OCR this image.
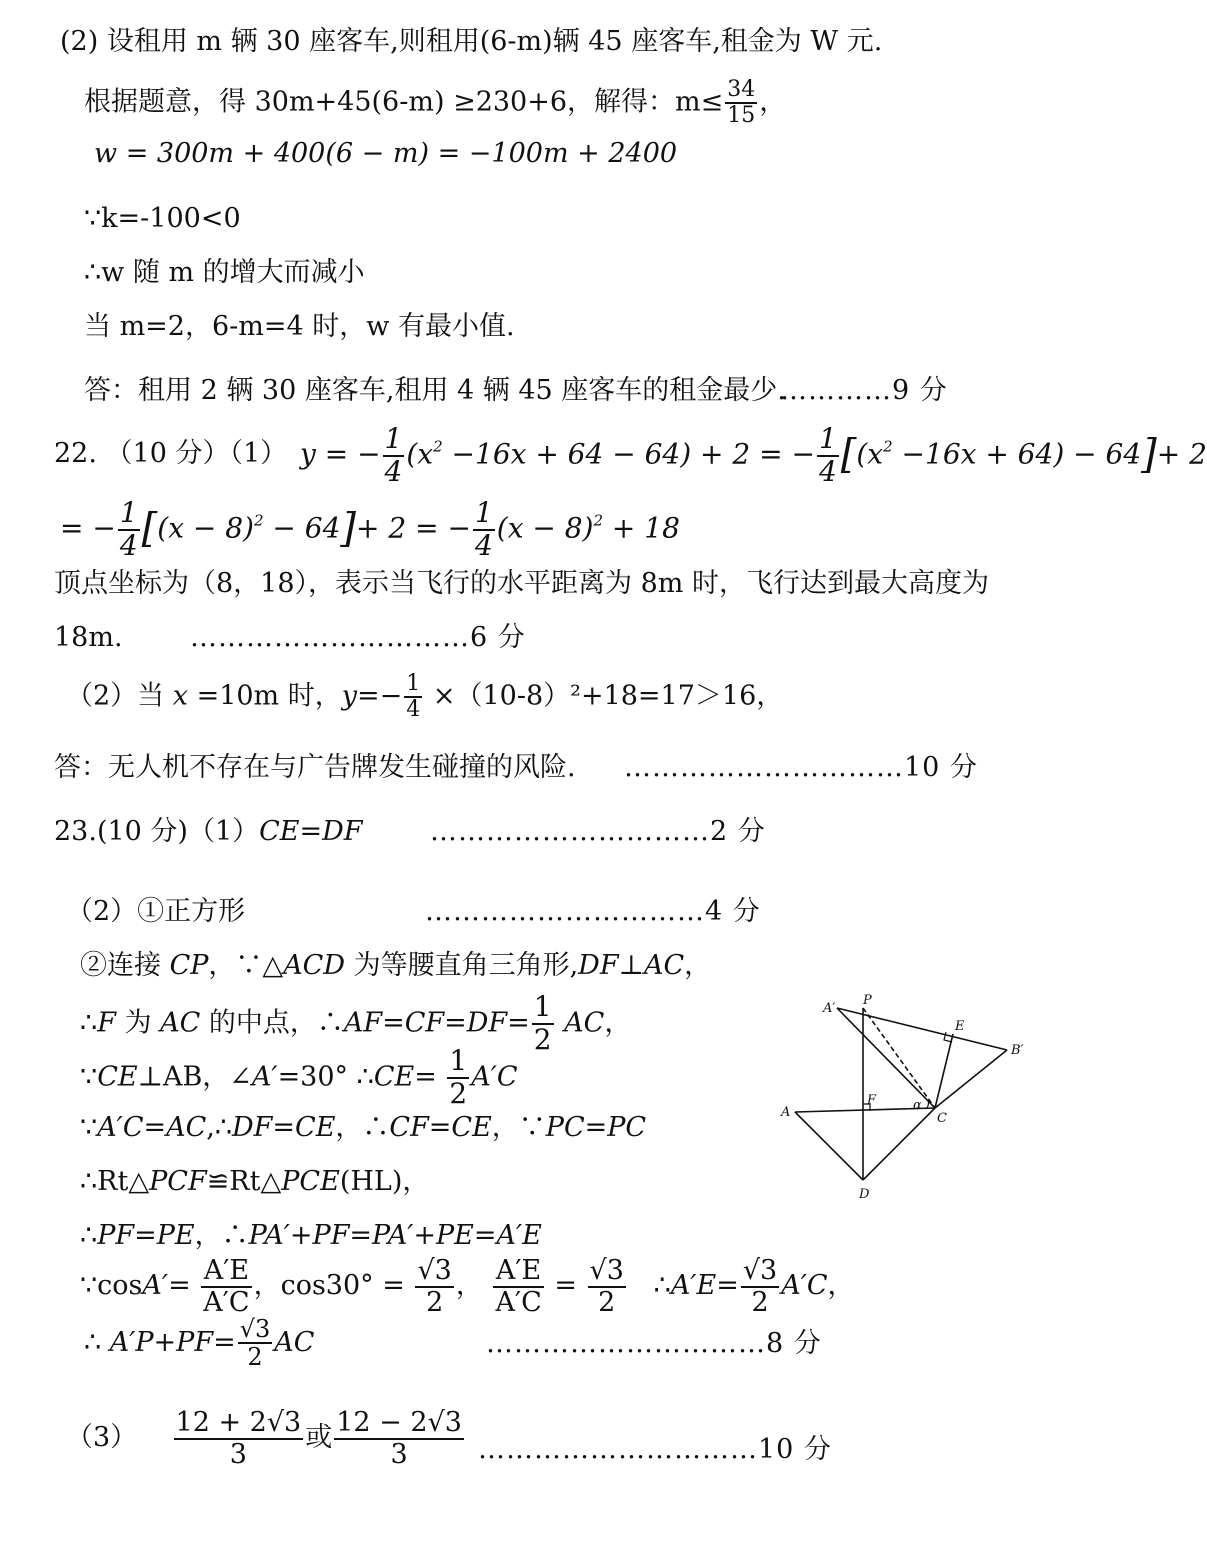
(2) 设租用 m 辆 30 座客车,则租用(6-m)辆 45 座客车,租金为 W 元.
根据题意，得 30m+45(6-m) ≥230+6，解得：$m\le \frac{34}{15}$ ，
w = 300m + 400(6 − m) = −100m + 2400
∵k=-100<0
∴w 随 m 的增大而减小
当 m=2，6-m=4 时，w 有最小值.
答：租用 2 辆 30 座客车,租用 4 辆 45 座客车的租金最少.
…………9 分
22. （10 分）（1） y = − $\frac{1}{4} (x^2 -16x + 64 - 64) + 2$ = − $\frac{1}{4} [(x^2 -16x + 64) - 64]+ 2$
= − $\frac{1}{4} [(x - 8)^2 - 64]+ 2$ = − $\frac{1}{4} (x - 8)^2 + 18$
顶点坐标为（8，18），表示当飞行的水平距离为 8m 时，飞行达到最大高度为
18m. …………………………6 分
（2）当 x =10m 时，$y=- \frac{1}{4} \times(10-8)^2+18=17>16$，
答：无人机不存在与广告牌发生碰撞的风险. …………………………10 分
23.(10 分)（1）CE=DF	…………………………2 分
（2）①正方形	…………………………4 分
②连接 CP，∵△ACD 为等腰直角三角形,DF⊥AC，
∴F 为 AC 的中点，∴AF=CF=DF= $\frac{1}{2}$ AC，
∵CE⊥AB，∠A′=30° ∴CE= $\frac{1}{2} A'C$
∵A′C=AC,∴DF=CE，∴CF=CE，∵PC=PC
∴Rt△PCF≌Rt△PCE(HL)，
∴PF=PE，∴PA′+PF=PA′+PE=A′E
∵cosA′= $\frac{A'E}{A'C}$ ，$\cos 30^\circ = \frac{√3}{2}$ ， $\frac{A'E}{A'C} = \frac{√3}{2}$ ∴A′E= $\frac{√3}{2} A'C$，
∴ $A'P+PF= \frac{√3}{2}$ AC	…………………………8 分
$(3) \frac{12 + 2√3}{3}$ 或 $\frac{12 - 2√3}{3}$ …………………………10 分
A′
P
E
B′
A
F	α
C
D
